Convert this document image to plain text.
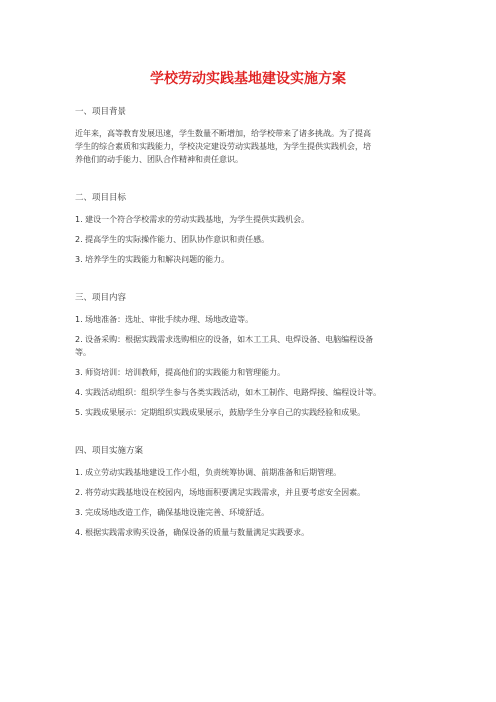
学校劳动实践基地建设实施方案
一、项目背景
近年来，高等教育发展迅速，学生数量不断增加，给学校带来了诸多挑战。为了提高
学生的综合素质和实践能力，学校决定建设劳动实践基地，为学生提供实践机会，培
养他们的动手能力、团队合作精神和责任意识。
二、项目目标
1. 建设一个符合学校需求的劳动实践基地，为学生提供实践机会。
2. 提高学生的实际操作能力、团队协作意识和责任感。
3. 培养学生的实践能力和解决问题的能力。
三、项目内容
1. 场地准备：选址、审批手续办理、场地改造等。
2. 设备采购：根据实践需求选购相应的设备，如木工工具、电焊设备、电脑编程设备
等。
3. 师资培训：培训教师，提高他们的实践能力和管理能力。
4. 实践活动组织：组织学生参与各类实践活动，如木工制作、电路焊接、编程设计等。
5. 实践成果展示：定期组织实践成果展示，鼓励学生分享自己的实践经验和成果。
四、项目实施方案
1. 成立劳动实践基地建设工作小组，负责统筹协调、前期准备和后期管理。
2. 将劳动实践基地设在校园内，场地面积要满足实践需求，并且要考虑安全因素。
3. 完成场地改造工作，确保基地设施完善、环境舒适。
4. 根据实践需求购买设备，确保设备的质量与数量满足实践要求。
